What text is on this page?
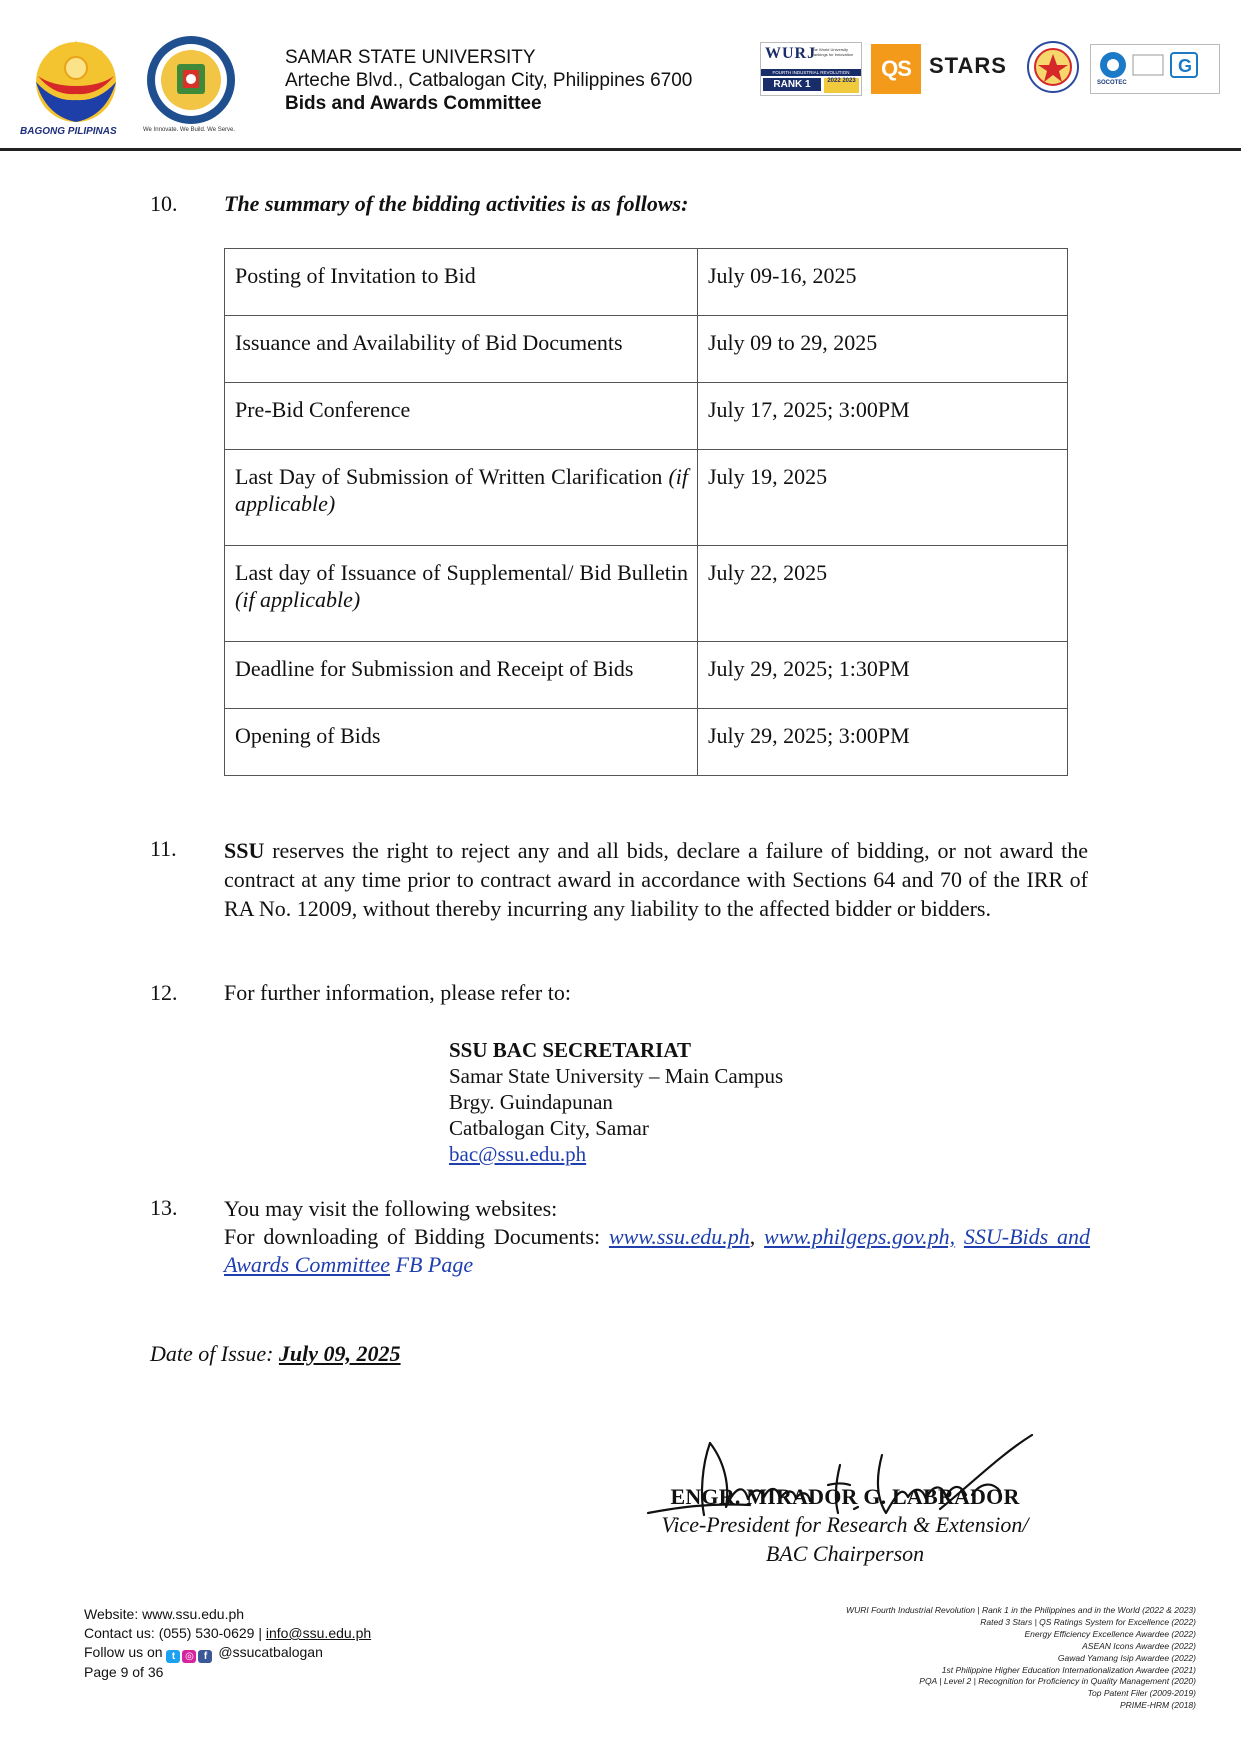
BAGONG PILIPINAS	We Innovate. We Build. We Serve.
SAMAR STATE UNIVERSITY
Arteche Blvd., Catbalogan City, Philippines 6700
Bids and Awards Committee
WURJ
The World University Rankings for Innovation
FOURTH INDUSTRIAL REVOLUTION
RANK 1	2022 2023	QS STARS	G
SOCOTEC
10. The summary of the bidding activities is as follows:
Posting of Invitation to Bid	July 09-16, 2025
Issuance and Availability of Bid Documents	July 09 to 29, 2025
Pre-Bid Conference	July 17, 2025; 3:00PM
Last Day of Submission of Written Clarification (if applicable)	July 19, 2025
Last day of Issuance of Supplemental/ Bid Bulletin (if applicable)	July 22, 2025
Deadline for Submission and Receipt of Bids	July 29, 2025; 1:30PM
Opening of Bids	July 29, 2025; 3:00PM
11. SSU reserves the right to reject any and all bids, declare a failure of bidding, or not award the contract at any time prior to contract award in accordance with Sections 64 and 70 of the IRR of RA No. 12009, without thereby incurring any liability to the affected bidder or bidders.
12. For further information, please refer to:
SSU BAC SECRETARIAT
Samar State University – Main Campus
Brgy. Guindapunan
Catbalogan City, Samar
bac@ssu.edu.ph
13. You may visit the following websites:
For downloading of Bidding Documents: www.ssu.edu.ph, www.philgeps.gov.ph, SSU-Bids and Awards Committee FB Page
Date of Issue: July 09, 2025
ENGR. MIRADOR G. LABRADOR
Vice-President for Research & Extension/
BAC Chairperson
Website: www.ssu.edu.ph
Contact us: (055) 530-0629 | info@ssu.edu.ph
Follow us on t ◎ f @ssucatbalogan
Page 9 of 36
WURI Fourth Industrial Revolution | Rank 1 in the Philippines and in the World (2022 & 2023)
Rated 3 Stars | QS Ratings System for Excellence (2022)
Energy Efficiency Excellence Awardee (2022)
ASEAN Icons Awardee (2022)
Gawad Yamang Isip Awardee (2022)
1st Philippine Higher Education Internationalization Awardee (2021)
PQA | Level 2 | Recognition for Proficiency in Quality Management (2020)
Top Patent Filer (2009-2019)
PRIME-HRM (2018)
